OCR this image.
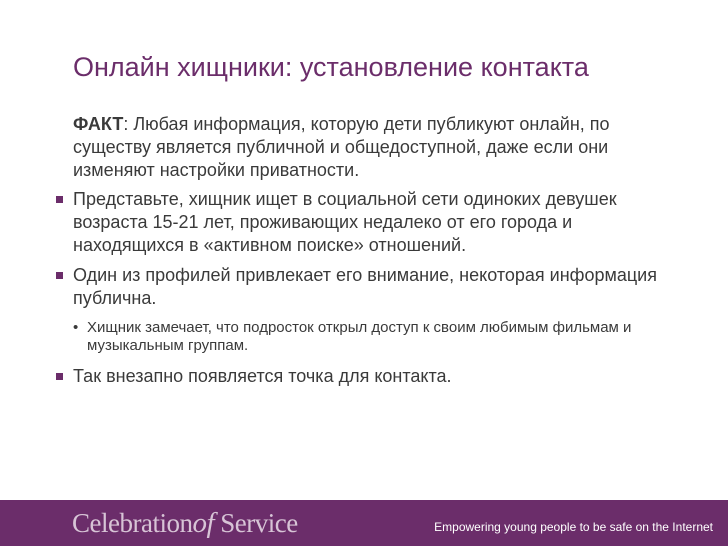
Онлайн хищники: установление контакта
ФАКТ: Любая информация, которую дети публикуют онлайн, по существу является публичной и общедоступной, даже если они изменяют настройки приватности.
Представьте, хищник ищет в социальной сети одиноких девушек возраста 15-21 лет, проживающих недалеко от его города и находящихся в «активном поиске» отношений.
Один из профилей привлекает его внимание, некоторая информация публична.
• Хищник замечает, что подросток открыл доступ к своим любимым фильмам и музыкальным группам.
Так внезапно появляется точка для контакта.
Celebrationof Service	Empowering young people to be safe on the Internet
